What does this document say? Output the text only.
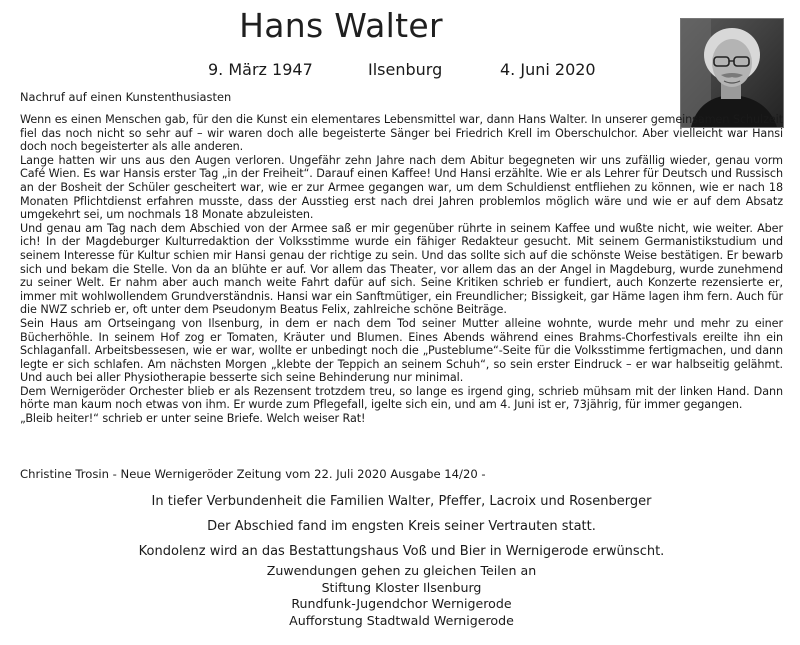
Hans Walter
9. März 1947	Ilsenburg	4. Juni 2020

Nachruf auf einen Kunstenthusiasten

Wenn es einen Menschen gab, für den die Kunst ein elementares Lebensmittel war, dann Hans Walter. In unserer gemeinsamen Schulzeit fiel das noch nicht so sehr auf – wir waren doch alle begeisterte Sänger bei Friedrich Krell im Oberschulchor. Aber vielleicht war Hansi doch noch begeisterter als alle anderen.

Lange hatten wir uns aus den Augen verloren. Ungefähr zehn Jahre nach dem Abitur begegneten wir uns zufällig wieder, genau vorm Café Wien. Es war Hansis erster Tag „in der Freiheit“. Darauf einen Kaffee! Und Hansi erzählte. Wie er als Lehrer für Deutsch und Russisch an der Bosheit der Schüler gescheitert war, wie er zur Armee gegangen war, um dem Schuldienst entfliehen zu können, wie er nach 18 Monaten Pflichtdienst erfahren musste, dass der Ausstieg erst nach drei Jahren problemlos möglich wäre und wie er auf dem Absatz umgekehrt sei, um nochmals 18 Monate abzuleisten.

Und genau am Tag nach dem Abschied von der Armee saß er mir gegenüber rührte in seinem Kaffee und wußte nicht, wie weiter. Aber ich! In der Magdeburger Kulturredaktion der Volksstimme wurde ein fähiger Redakteur gesucht. Mit seinem Germanistikstudium und seinem Interesse für Kultur schien mir Hansi genau der richtige zu sein. Und das sollte sich auf die schönste Weise bestätigen. Er bewarb sich und bekam die Stelle. Von da an blühte er auf. Vor allem das Theater, vor allem das an der Angel in Magdeburg, wurde zunehmend zu seiner Welt. Er nahm aber auch manch weite Fahrt dafür auf sich. Seine Kritiken schrieb er fundiert, auch Konzerte rezensierte er, immer mit wohlwollendem Grundverständnis. Hansi war ein Sanftmütiger, ein Freundlicher; Bissigkeit, gar Häme lagen ihm fern. Auch für die NWZ schrieb er, oft unter dem Pseudonym Beatus Felix, zahlreiche schöne Beiträge.

Sein Haus am Ortseingang von Ilsenburg, in dem er nach dem Tod seiner Mutter alleine wohnte, wurde mehr und mehr zu einer Bücherhöhle. In seinem Hof zog er Tomaten, Kräuter und Blumen. Eines Abends während eines Brahms-Chorfestivals ereilte ihn ein Schlaganfall. Arbeitsbessesen, wie er war, wollte er unbedingt noch die „Pusteblume“-Seite für die Volksstimme fertigmachen, und dann legte er sich schlafen. Am nächsten Morgen „klebte der Teppich an seinem Schuh“, so sein erster Eindruck – er war halbseitig gelähmt. Und auch bei aller Physiotherapie besserte sich seine Behinderung nur minimal.

Dem Wernigeröder Orchester blieb er als Rezensent trotzdem treu, so lange es irgend ging, schrieb mühsam mit der linken Hand. Dann hörte man kaum noch etwas von ihm. Er wurde zum Pflegefall, igelte sich ein, und am 4. Juni ist er, 73jährig, für immer gegangen.

„Bleib heiter!“ schrieb er unter seine Briefe. Welch weiser Rat!

Christine Trosin - Neue Wernigeröder Zeitung vom 22. Juli 2020 Ausgabe 14/20 -

In tiefer Verbundenheit die Familien Walter, Pfeffer, Lacroix und Rosenberger

Der Abschied fand im engsten Kreis seiner Vertrauten statt.

Kondolenz wird an das Bestattungshaus Voß und Bier in Wernigerode erwünscht.

Zuwendungen gehen zu gleichen Teilen an

Stiftung Kloster Ilsenburg

Rundfunk-Jugendchor Wernigerode

Aufforstung Stadtwald Wernigerode
